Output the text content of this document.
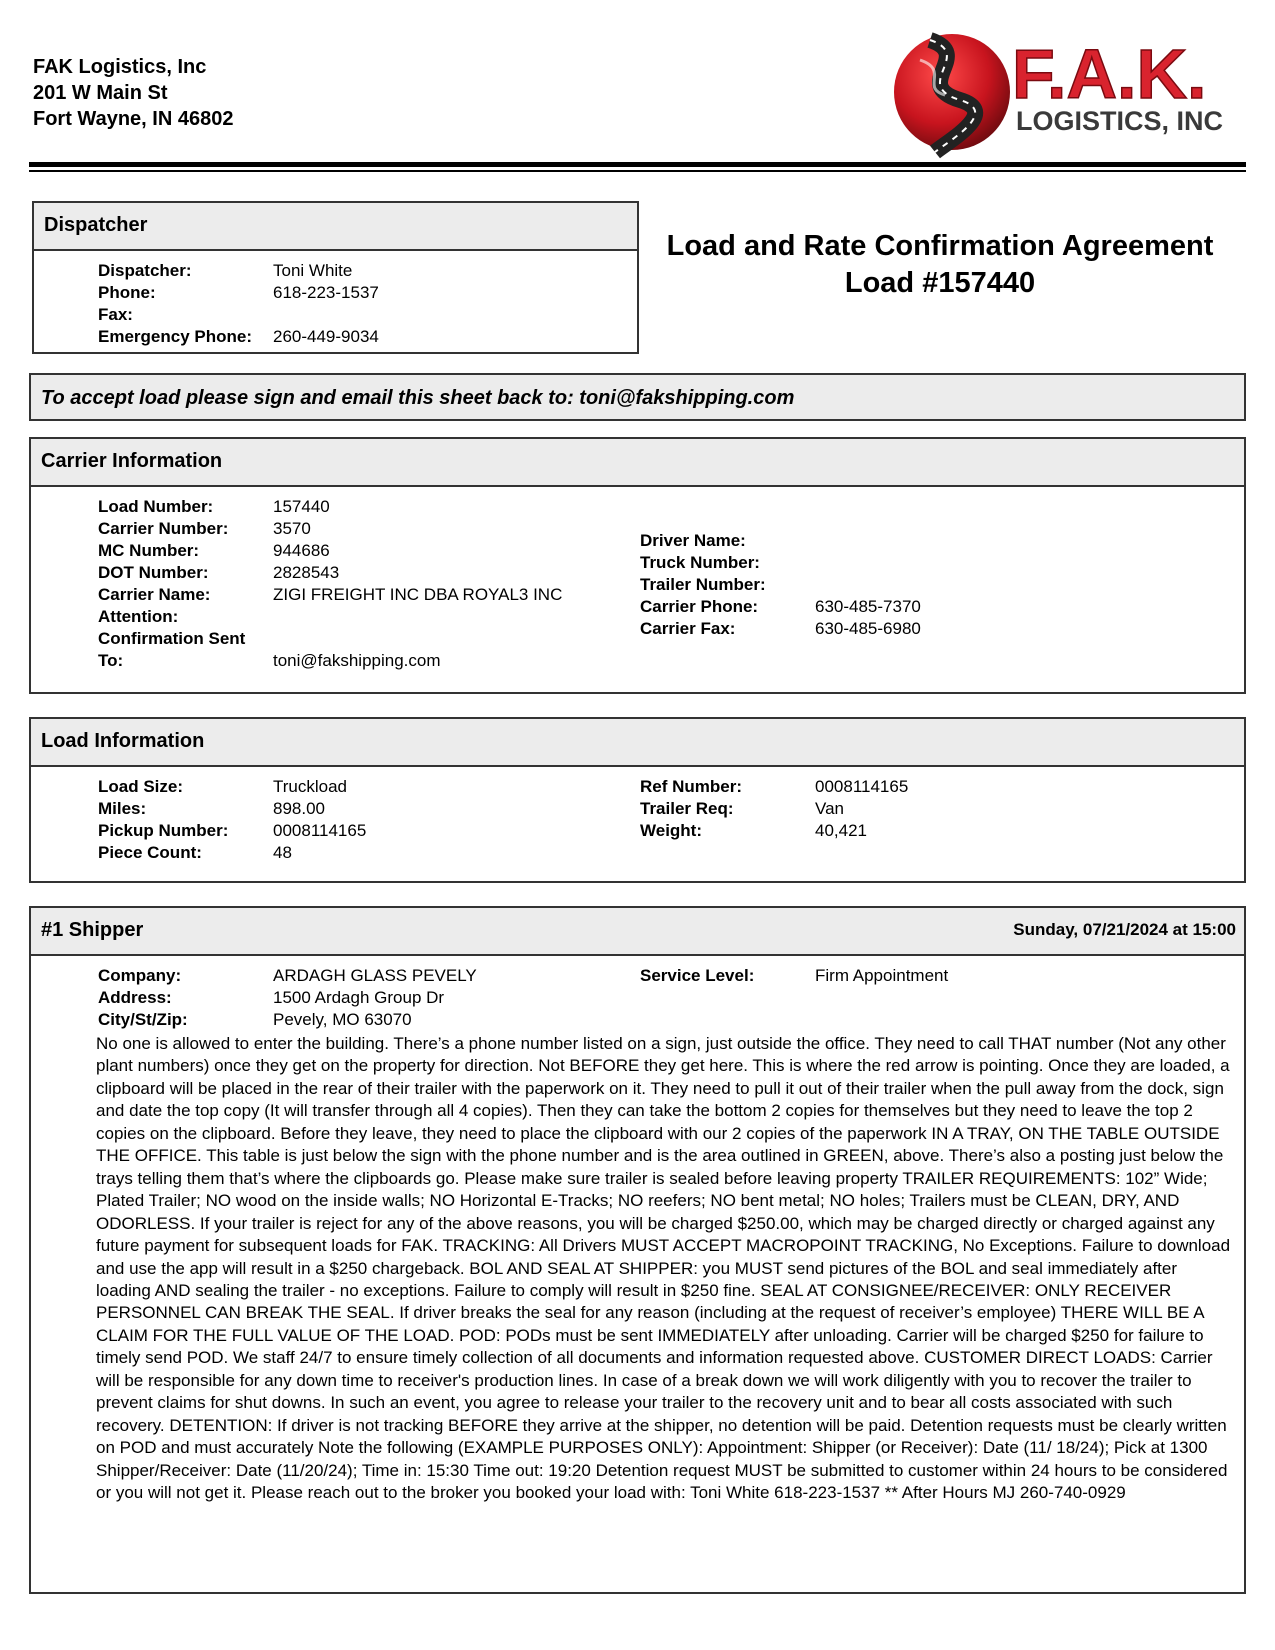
FAK Logistics, Inc
201 W Main St
Fort Wayne, IN 46802
F.A.K.
LOGISTICS, INC
Dispatcher
Dispatcher:	Toni White
Phone:	618-223-1537
Fax:
Emergency Phone: 260-449-9034
Load and Rate Confirmation Agreement
Load #157440
To accept load please sign and email this sheet back to: toni@fakshipping.com
Carrier Information
Load Number:	157440
Carrier Number:	3570
MC Number:	944686
DOT Number:	2828543
Carrier Name:	ZIGI FREIGHT INC DBA ROYAL3 INC
Attention:
Confirmation Sent
To:	toni@fakshipping.com
Driver Name:
Truck Number:
Trailer Number:
Carrier Phone:	630-485-7370
Carrier Fax:	630-485-6980
Load Information
Load Size:	Truckload
Miles:	898.00
Pickup Number:	0008114165
Piece Count:	48
Ref Number:	0008114165
Trailer Req:	Van
Weight:	40,421
#1 Shipper	Sunday, 07/21/2024 at 15:00
Company:	ARDAGH GLASS PEVELY
Address:	1500 Ardagh Group Dr
City/St/Zip:	Pevely, MO 63070
Service Level:	Firm Appointment
No one is allowed to enter the building. There’s a phone number listed on a sign, just outside the office. They need to call THAT number (Not any other plant numbers) once they get on the property for direction. Not BEFORE they get here. This is where the red arrow is pointing. Once they are loaded, a clipboard will be placed in the rear of their trailer with the paperwork on it. They need to pull it out of their trailer when the pull away from the dock, sign and date the top copy (It will transfer through all 4 copies). Then they can take the bottom 2 copies for themselves but they need to leave the top 2 copies on the clipboard. Before they leave, they need to place the clipboard with our 2 copies of the paperwork IN A TRAY, ON THE TABLE OUTSIDE THE OFFICE. This table is just below the sign with the phone number and is the area outlined in GREEN, above. There’s also a posting just below the trays telling them that’s where the clipboards go. Please make sure trailer is sealed before leaving property TRAILER REQUIREMENTS: 102” Wide; Plated Trailer; NO wood on the inside walls; NO Horizontal E-Tracks; NO reefers; NO bent metal; NO holes; Trailers must be CLEAN, DRY, AND ODORLESS. If your trailer is reject for any of the above reasons, you will be charged $250.00, which may be charged directly or charged against any future payment for subsequent loads for FAK. TRACKING: All Drivers MUST ACCEPT MACROPOINT TRACKING, No Exceptions. Failure to download and use the app will result in a $250 chargeback. BOL AND SEAL AT SHIPPER: you MUST send pictures of the BOL and seal immediately after loading AND sealing the trailer - no exceptions. Failure to comply will result in $250 fine. SEAL AT CONSIGNEE/RECEIVER: ONLY RECEIVER PERSONNEL CAN BREAK THE SEAL. If driver breaks the seal for any reason (including at the request of receiver’s employee) THERE WILL BE A CLAIM FOR THE FULL VALUE OF THE LOAD. POD: PODs must be sent IMMEDIATELY after unloading. Carrier will be charged $250 for failure to timely send POD. We staff 24/7 to ensure timely collection of all documents and information requested above. CUSTOMER DIRECT LOADS: Carrier will be responsible for any down time to receiver's production lines. In case of a break down we will work diligently with you to recover the trailer to prevent claims for shut downs. In such an event, you agree to release your trailer to the recovery unit and to bear all costs associated with such recovery. DETENTION: If driver is not tracking BEFORE they arrive at the shipper, no detention will be paid. Detention requests must be clearly written on POD and must accurately Note the following (EXAMPLE PURPOSES ONLY): Appointment: Shipper (or Receiver): Date (11/ 18/24); Pick at 1300 Shipper/Receiver: Date (11/20/24); Time in: 15:30 Time out: 19:20 Detention request MUST be submitted to customer within 24 hours to be considered or you will not get it. Please reach out to the broker you booked your load with: Toni White 618-223-1537 ** After Hours MJ 260-740-0929
